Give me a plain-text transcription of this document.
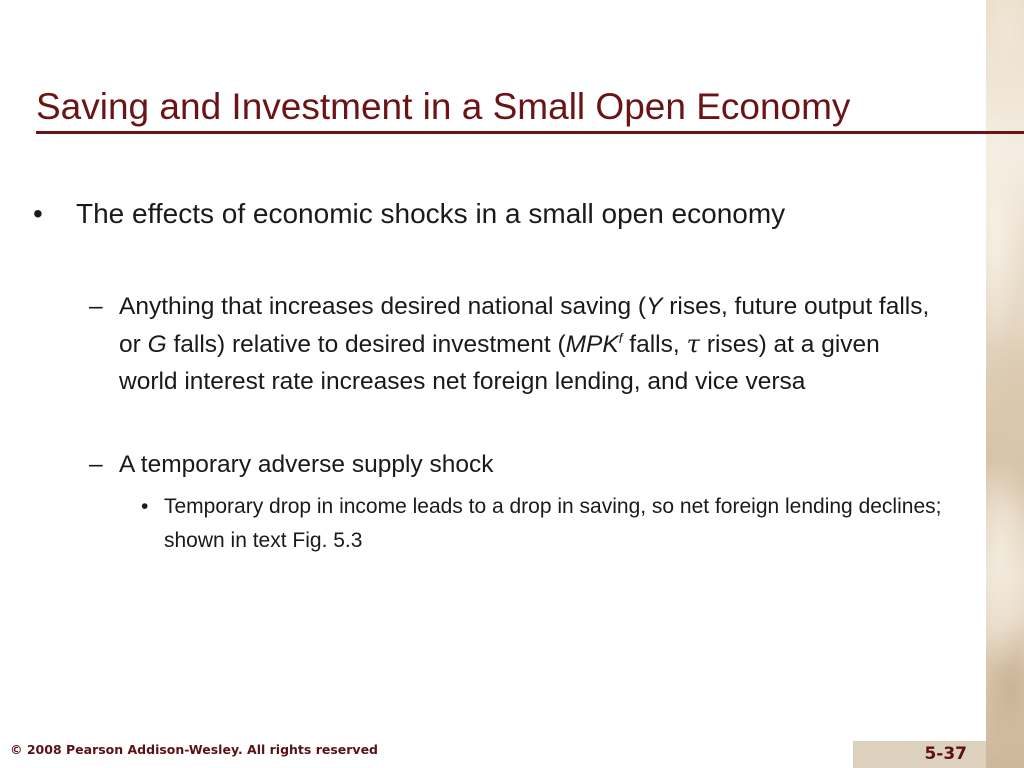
Saving and Investment in a Small Open Economy
• The effects of economic shocks in a small open economy
– Anything that increases desired national saving (Y rises, future output falls, or G falls) relative to desired investment (MPK$^f$ falls, τ rises) at a given world interest rate increases net foreign lending, and vice versa
– A temporary adverse supply shock
• Temporary drop in income leads to a drop in saving, so net foreign lending declines; shown in text Fig. 5.3

© 2008 Pearson Addison-Wesley. All rights reserved	5-37
